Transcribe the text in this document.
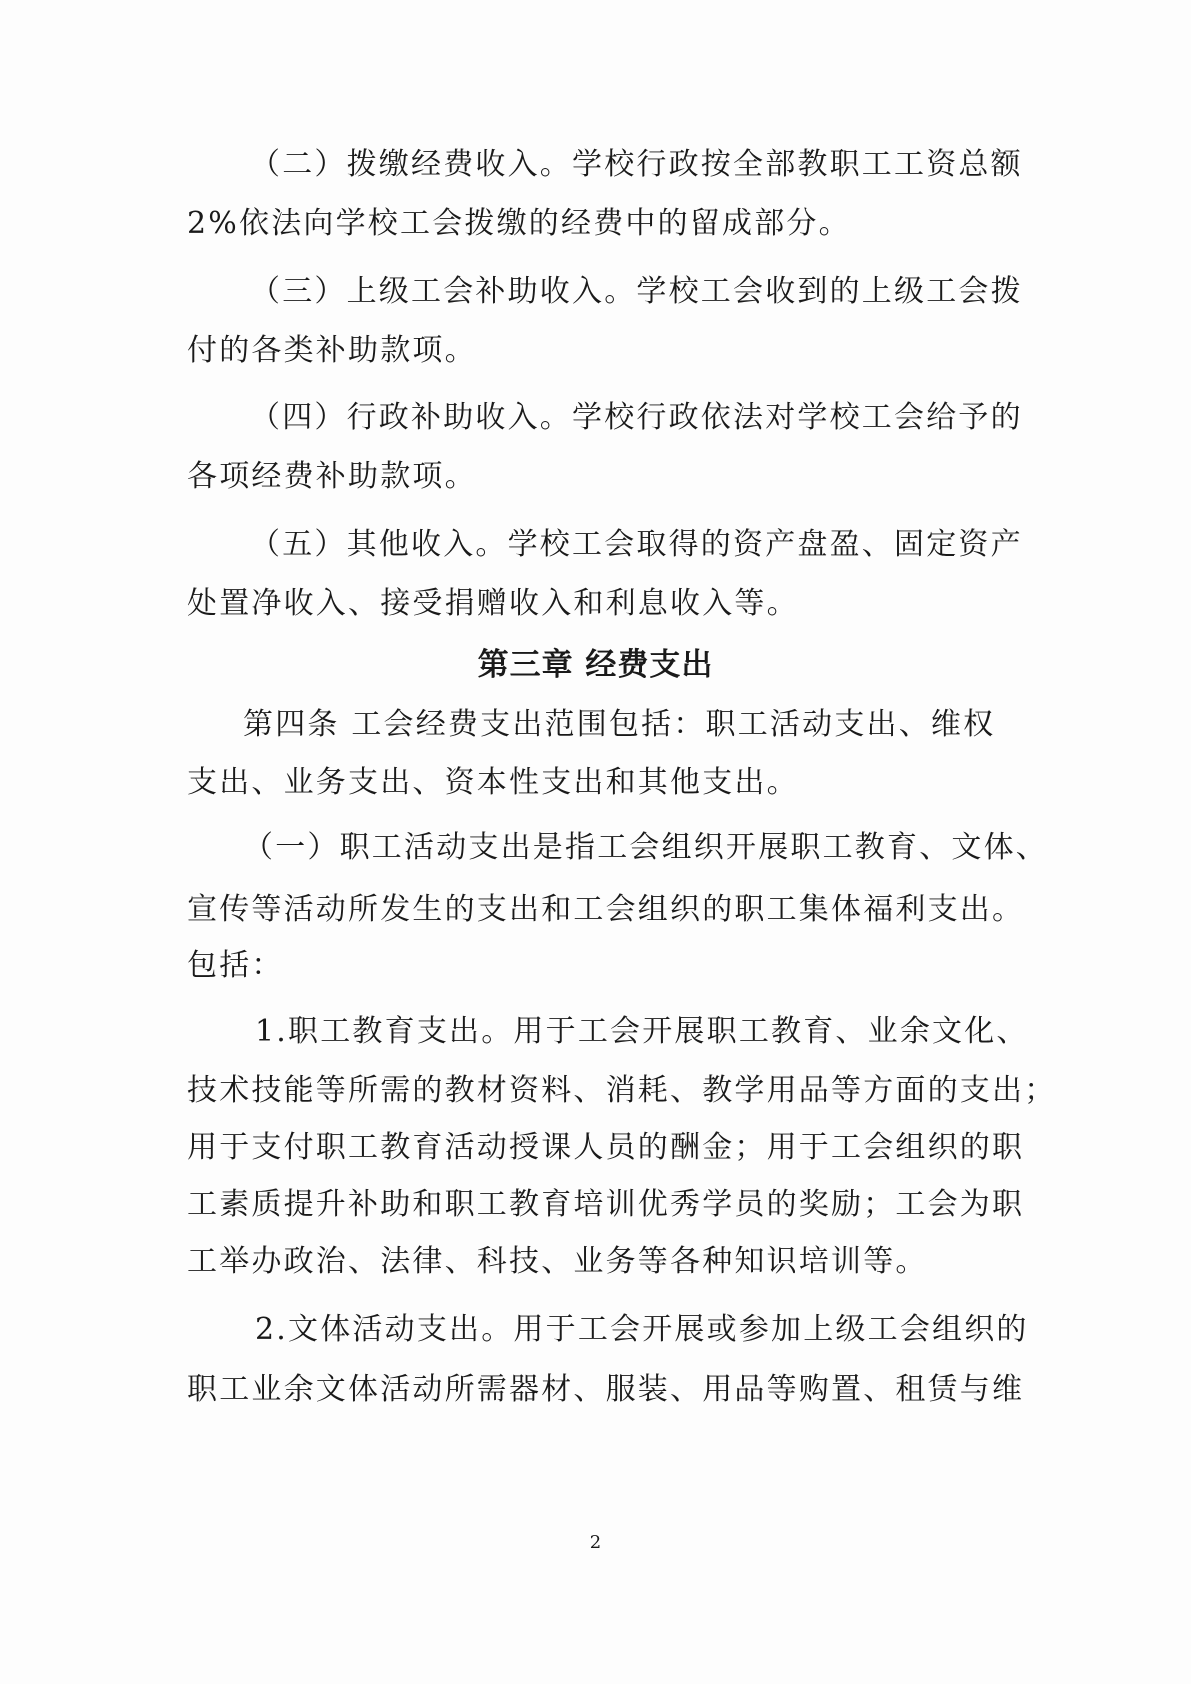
（二）拨缴经费收入。学校行政按全部教职工工资总额
2%依法向学校工会拨缴的经费中的留成部分。
（三）上级工会补助收入。学校工会收到的上级工会拨
付的各类补助款项。
（四）行政补助收入。学校行政依法对学校工会给予的
各项经费补助款项。
（五）其他收入。学校工会取得的资产盘盈、固定资产
处置净收入、接受捐赠收入和利息收入等。
第三章 经费支出
第四条 工会经费支出范围包括：职工活动支出、维权
支出、业务支出、资本性支出和其他支出。
（一）职工活动支出是指工会组织开展职工教育、文体、
宣传等活动所发生的支出和工会组织的职工集体福利支出。
包括：
1.职工教育支出。用于工会开展职工教育、业余文化、
技术技能等所需的教材资料、消耗、教学用品等方面的支出；
用于支付职工教育活动授课人员的酬金；用于工会组织的职
工素质提升补助和职工教育培训优秀学员的奖励；工会为职
工举办政治、法律、科技、业务等各种知识培训等。
2.文体活动支出。用于工会开展或参加上级工会组织的
职工业余文体活动所需器材、服装、用品等购置、租赁与维
2
